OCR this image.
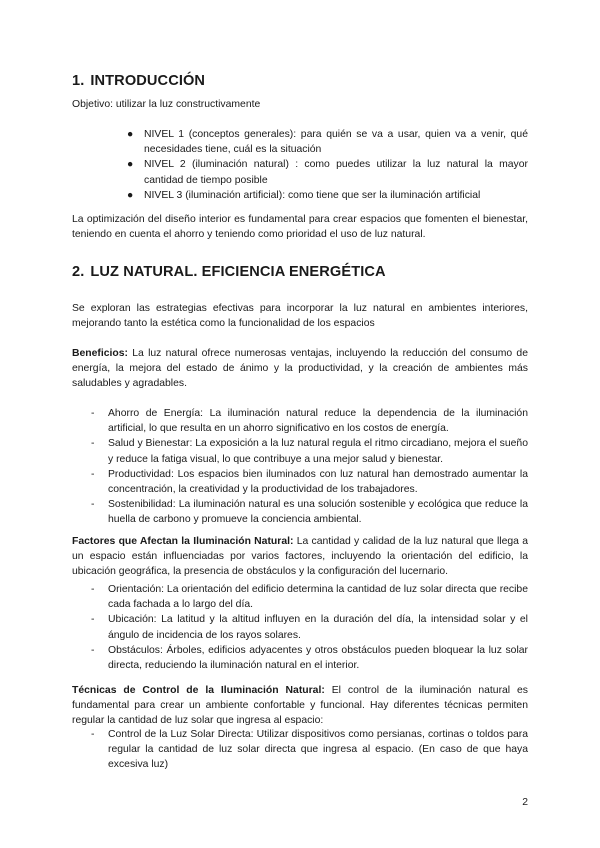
1. INTRODUCCIÓN

Objetivo: utilizar la luz constructivamente

● NIVEL 1 (conceptos generales): para quién se va a usar, quien va a venir, qué necesidades tiene, cuál es la situación
● NIVEL 2 (iluminación natural) : como puedes utilizar la luz natural la mayor cantidad de tiempo posible
● NIVEL 3 (iluminación artificial): como tiene que ser la iluminación artificial

La optimización del diseño interior es fundamental para crear espacios que fomenten el bienestar, teniendo en cuenta el ahorro y teniendo como prioridad el uso de luz natural.

2. LUZ NATURAL. EFICIENCIA ENERGÉTICA

Se exploran las estrategias efectivas para incorporar la luz natural en ambientes interiores, mejorando tanto la estética como la funcionalidad de los espacios

Beneficios: La luz natural ofrece numerosas ventajas, incluyendo la reducción del consumo de energía, la mejora del estado de ánimo y la productividad, y la creación de ambientes más saludables y agradables.

- Ahorro de Energía: La iluminación natural reduce la dependencia de la iluminación artificial, lo que resulta en un ahorro significativo en los costos de energía.
- Salud y Bienestar: La exposición a la luz natural regula el ritmo circadiano, mejora el sueño y reduce la fatiga visual, lo que contribuye a una mejor salud y bienestar.
- Productividad: Los espacios bien iluminados con luz natural han demostrado aumentar la concentración, la creatividad y la productividad de los trabajadores.
- Sostenibilidad: La iluminación natural es una solución sostenible y ecológica que reduce la huella de carbono y promueve la conciencia ambiental.

Factores que Afectan la Iluminación Natural: La cantidad y calidad de la luz natural que llega a un espacio están influenciadas por varios factores, incluyendo la orientación del edificio, la ubicación geográfica, la presencia de obstáculos y la configuración del lucernario.

- Orientación: La orientación del edificio determina la cantidad de luz solar directa que recibe cada fachada a lo largo del día.
- Ubicación: La latitud y la altitud influyen en la duración del día, la intensidad solar y el ángulo de incidencia de los rayos solares.
- Obstáculos: Árboles, edificios adyacentes y otros obstáculos pueden bloquear la luz solar directa, reduciendo la iluminación natural en el interior.

Técnicas de Control de la Iluminación Natural: El control de la iluminación natural es fundamental para crear un ambiente confortable y funcional. Hay diferentes técnicas permiten regular la cantidad de luz solar que ingresa al espacio:

- Control de la Luz Solar Directa: Utilizar dispositivos como persianas, cortinas o toldos para regular la cantidad de luz solar directa que ingresa al espacio. (En caso de que haya excesiva luz)
2
